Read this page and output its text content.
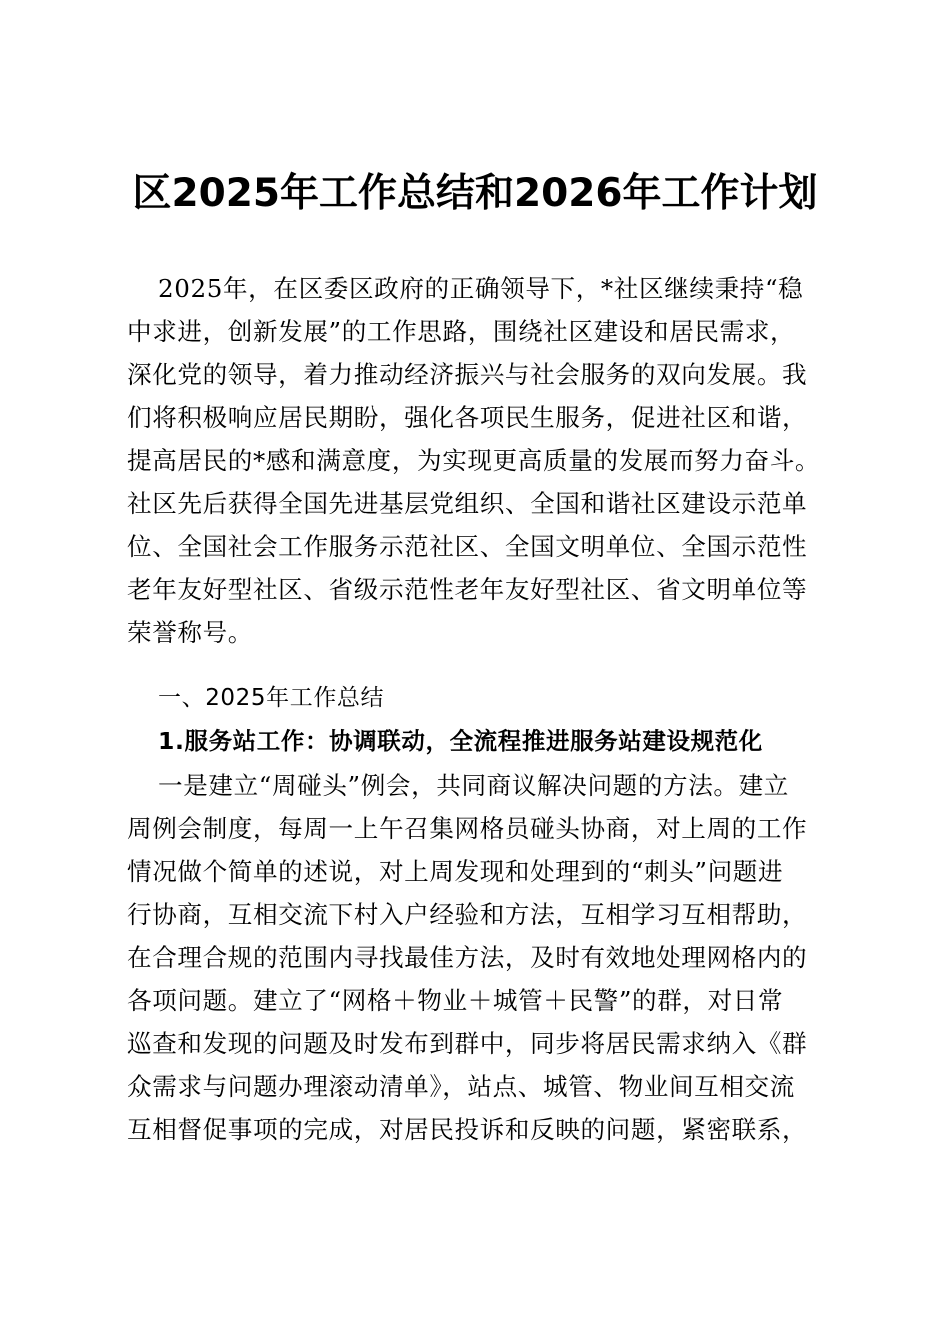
区2025年工作总结和2026年工作计划
2025年，在区委区政府的正确领导下，*社区继续秉持“稳
中求进，创新发展”的工作思路，围绕社区建设和居民需求，
深化党的领导，着力推动经济振兴与社会服务的双向发展。我
们将积极响应居民期盼，强化各项民生服务，促进社区和谐，
提高居民的*感和满意度，为实现更高质量的发展而努力奋斗。
社区先后获得全国先进基层党组织、全国和谐社区建设示范单
位、全国社会工作服务示范社区、全国文明单位、全国示范性
老年友好型社区、省级示范性老年友好型社区、省文明单位等
荣誉称号。
一、2025年工作总结
1.服务站工作：协调联动，全流程推进服务站建设规范化
一是建立“周碰头”例会，共同商议解决问题的方法。建立
周例会制度，每周一上午召集网格员碰头协商，对上周的工作
情况做个简单的述说，对上周发现和处理到的“刺头”问题进
行协商，互相交流下村入户经验和方法，互相学习互相帮助，
在合理合规的范围内寻找最佳方法，及时有效地处理网格内的
各项问题。建立了“网格＋物业＋城管＋民警”的群，对日常
巡查和发现的问题及时发布到群中，同步将居民需求纳入《群
众需求与问题办理滚动清单》，站点、城管、物业间互相交流
互相督促事项的完成，对居民投诉和反映的问题，紧密联系，
